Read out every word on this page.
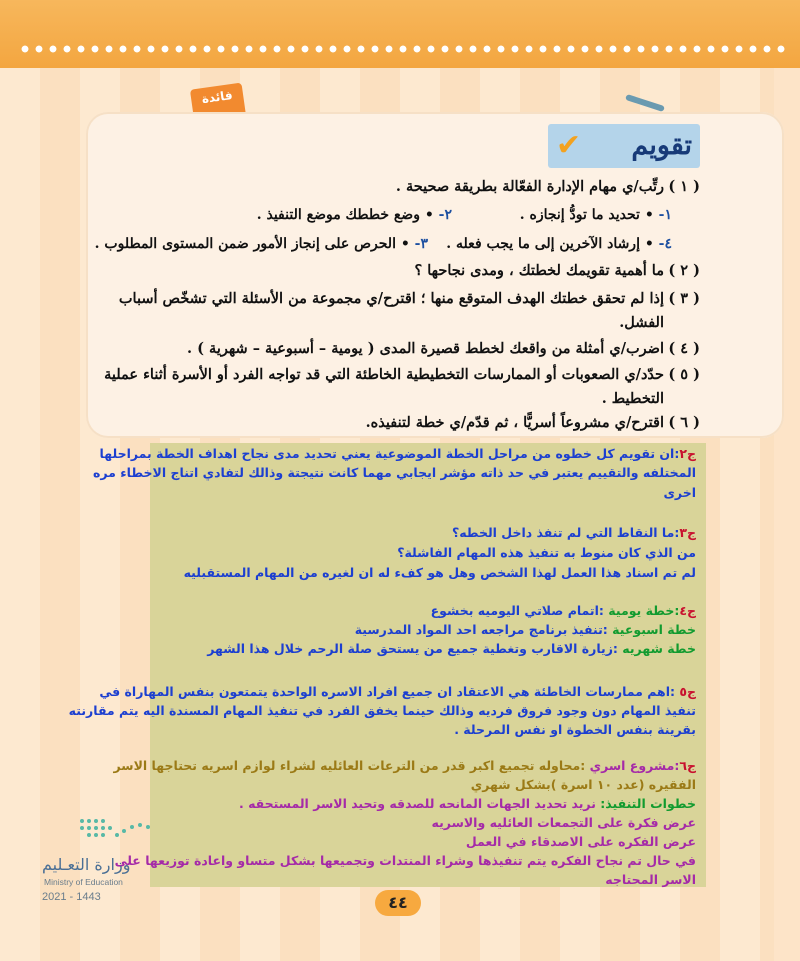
فائدة
✔ تقويم
( ١ )
رتِّب/ي مهام الإدارة الفعّالة بطريقة صحيحة .
٢- • وضع خططك موضع التنفيذ .	١- • تحديد ما تودُّ إنجازه .
٣- • الحرص على إنجاز الأمور ضمن المستوى المطلوب .	٤- • إرشاد الآخرين إلى ما يجب فعله .
( ٢ )
ما أهمية تقويمك لخطتك ، ومدى نجاحها ؟
( ٣ )
إذا لم تحقق خطتك الهدف المتوقع منها ؛ اقترح/ي مجموعة من الأسئلة التي تشخّص أسباب
الفشل.
( ٤ )
اضرب/ي أمثلة من واقعك لخطط قصيرة المدى ( يومية – أسبوعية – شهرية ) .
( ٥ )
حدّد/ي الصعوبات أو الممارسات التخطيطية الخاطئة التي قد تواجه الفرد أو الأسرة أثناء عملية
التخطيط .
( ٦ )
اقترح/ي مشروعاً أسريًّا ، ثم قدّم/ي خطة لتنفيذه.
ج٢:ان تقويم كل خطوه من مراحل الخطة الموضوعية يعني تحديد مدى نجاح اهداف الخطة بمراحلها
المختلفه والتقييم يعتبر في حد ذاته مؤشر ايجابي مهما كانت نتيجتة وذالك لتفادي اتناج الاخطاء مره
اخرى
ج٣:ما النقاط التي لم تنفذ داخل الخطه؟
من الذي كان منوط به تنفيذ هذه المهام الفاشلة؟
لم تم اسناد هذا العمل لهذا الشخص وهل هو كفء له ان لغيره من المهام المستقبليه
ج٤:خطة يومية :اتمام صلاتي اليوميه بخشوع
خطة اسبوعية :تنفيذ برنامج مراجعه احد المواد المدرسية
خطة شهريه :زيارة الاقارب وتغطية جميع من يستحق صلة الرحم خلال هذا الشهر
ج٥ :اهم ممارسات الخاطئة هي الاعتقاد ان جميع افراد الاسره الواحدة يتمتعون بنفس المهاراة في
تنفيذ المهام دون وجود فروق فرديه وذالك حينما يخفق الفرد في تنفيذ المهام المسندة اليه يتم مقارنته
بقرينة بنفس الخطوة او نفس المرحلة .
ج٦:مشروع اسري :محاوله تجميع اكبر قدر من الترعات العائليه لشراء لوازم اسريه تحتاجها الاسر
الفقيره (عدد ١٠ اسرة )بشكل شهري
خطوات التنفيذ: نريد تحديد الجهات المانحه للصدقه وتحيد الاسر المستحقه .
عرض فكرة على التجمعات العائليه والاسريه
عرض الفكره على الاصدقاء في العمل
في حال تم نجاح الفكره يتم تنفيذها وشراء المنتدات وتجميعها بشكل متساو واعادة توزيعها على
الاسر المحتاجه
وزارة التعـليم
Ministry of Education
2021 - 1443	٤٤
